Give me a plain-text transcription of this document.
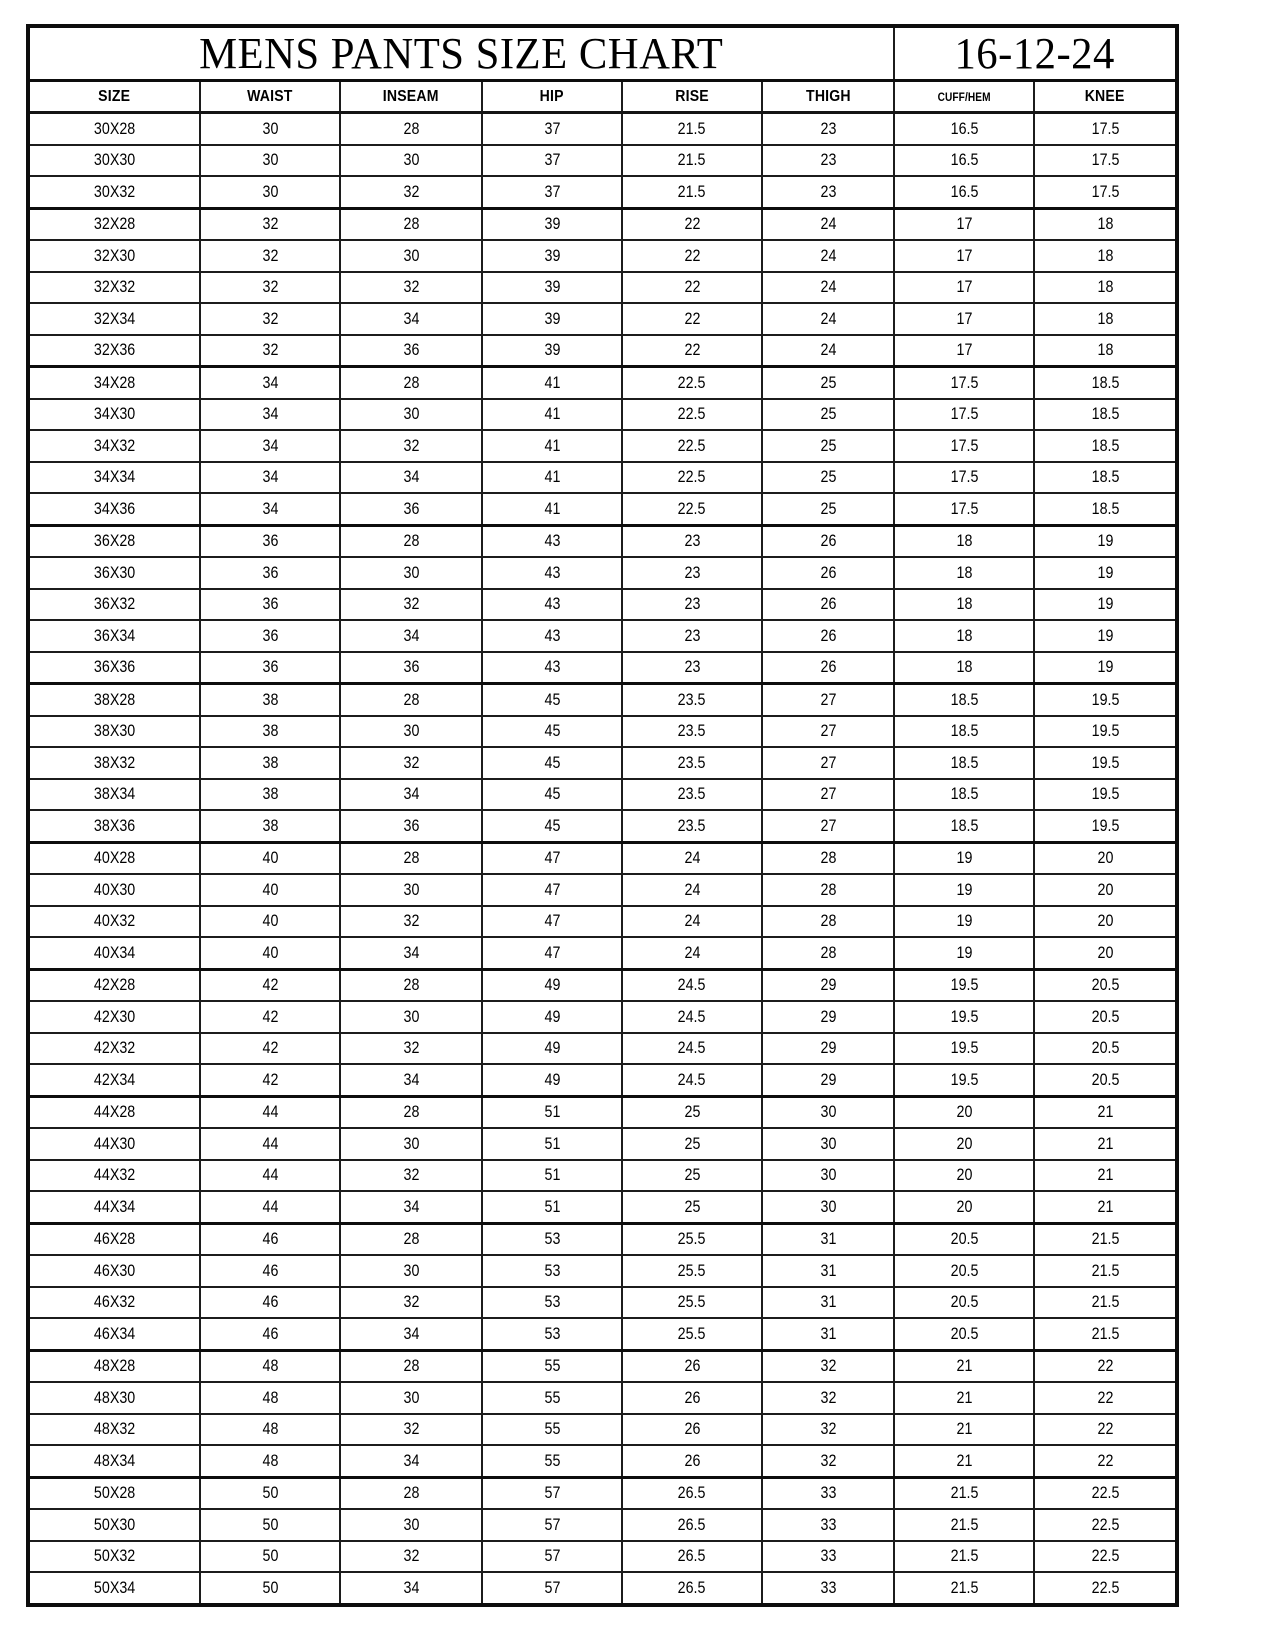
MENS PANTS SIZE CHART						16-12-24	
SIZE	WAIST	INSEAM	HIP	RISE	THIGH	CUFF/HEM	KNEE
30X28	30	28	37	21.5	23	16.5	17.5
30X30	30	30	37	21.5	23	16.5	17.5
30X32	30	32	37	21.5	23	16.5	17.5
32X28	32	28	39	22	24	17	18
32X30	32	30	39	22	24	17	18
32X32	32	32	39	22	24	17	18
32X34	32	34	39	22	24	17	18
32X36	32	36	39	22	24	17	18
34X28	34	28	41	22.5	25	17.5	18.5
34X30	34	30	41	22.5	25	17.5	18.5
34X32	34	32	41	22.5	25	17.5	18.5
34X34	34	34	41	22.5	25	17.5	18.5
34X36	34	36	41	22.5	25	17.5	18.5
36X28	36	28	43	23	26	18	19
36X30	36	30	43	23	26	18	19
36X32	36	32	43	23	26	18	19
36X34	36	34	43	23	26	18	19
36X36	36	36	43	23	26	18	19
38X28	38	28	45	23.5	27	18.5	19.5
38X30	38	30	45	23.5	27	18.5	19.5
38X32	38	32	45	23.5	27	18.5	19.5
38X34	38	34	45	23.5	27	18.5	19.5
38X36	38	36	45	23.5	27	18.5	19.5
40X28	40	28	47	24	28	19	20
40X30	40	30	47	24	28	19	20
40X32	40	32	47	24	28	19	20
40X34	40	34	47	24	28	19	20
42X28	42	28	49	24.5	29	19.5	20.5
42X30	42	30	49	24.5	29	19.5	20.5
42X32	42	32	49	24.5	29	19.5	20.5
42X34	42	34	49	24.5	29	19.5	20.5
44X28	44	28	51	25	30	20	21
44X30	44	30	51	25	30	20	21
44X32	44	32	51	25	30	20	21
44X34	44	34	51	25	30	20	21
46X28	46	28	53	25.5	31	20.5	21.5
46X30	46	30	53	25.5	31	20.5	21.5
46X32	46	32	53	25.5	31	20.5	21.5
46X34	46	34	53	25.5	31	20.5	21.5
48X28	48	28	55	26	32	21	22
48X30	48	30	55	26	32	21	22
48X32	48	32	55	26	32	21	22
48X34	48	34	55	26	32	21	22
50X28	50	28	57	26.5	33	21.5	22.5
50X30	50	30	57	26.5	33	21.5	22.5
50X32	50	32	57	26.5	33	21.5	22.5
50X34	50	34	57	26.5	33	21.5	22.5
